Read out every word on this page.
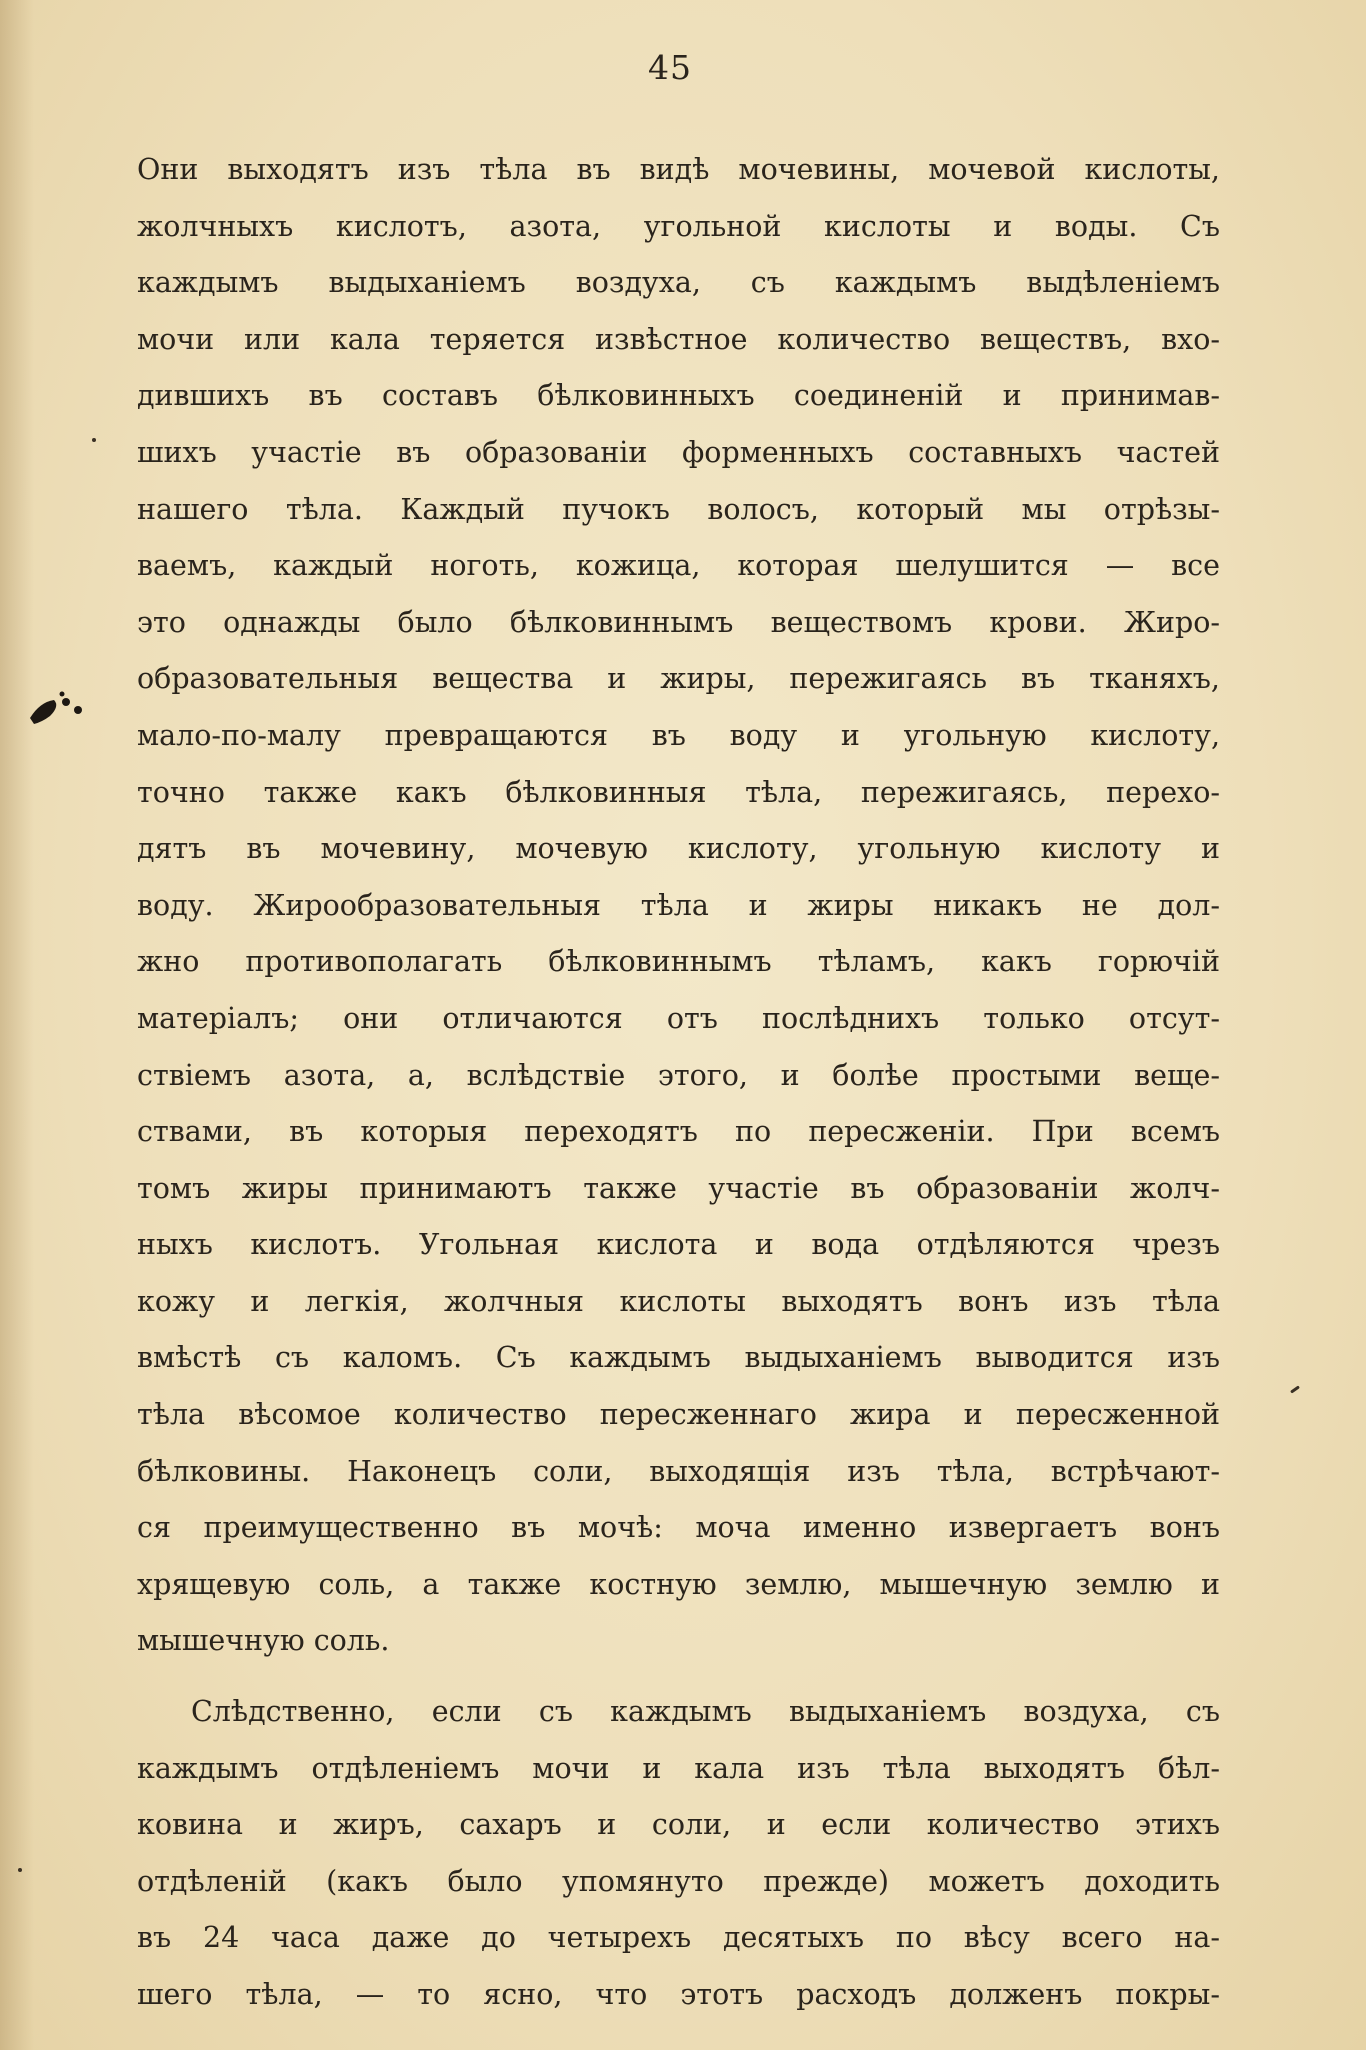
45
Они выходятъ изъ тѣла въ видѣ мочевины, мочевой кислоты,
жолчныхъ кислотъ, азота, угольной кислоты и воды. Съ
каждымъ выдыханіемъ воздуха, съ каждымъ выдѣленіемъ
мочи или кала теряется извѣстное количество веществъ, вхо-
дившихъ въ составъ бѣлковинныхъ соединеній и принимав-
шихъ участіе въ образованіи форменныхъ составныхъ частей
нашего тѣла. Каждый пучокъ волосъ, который мы отрѣзы-
ваемъ, каждый ноготь, кожица, которая шелушится — все
это однажды было бѣлковиннымъ веществомъ крови. Жиро-
образовательныя вещества и жиры, пережигаясь въ тканяхъ,
мало-по-малу превращаются въ воду и угольную кислоту,
точно также какъ бѣлковинныя тѣла, пережигаясь, перехо-
дятъ въ мочевину, мочевую кислоту, угольную кислоту и
воду. Жирообразовательныя тѣла и жиры никакъ не дол-
жно противополагать бѣлковиннымъ тѣламъ, какъ горючій
матеріалъ; они отличаются отъ послѣднихъ только отсут-
ствіемъ азота, а, вслѣдствіе этого, и болѣе простыми веще-
ствами, въ которыя переходятъ по пересженіи. При всемъ
томъ жиры принимаютъ также участіе въ образованіи жолч-
ныхъ кислотъ. Угольная кислота и вода отдѣляются чрезъ
кожу и легкія, жолчныя кислоты выходятъ вонъ изъ тѣла
вмѣстѣ съ каломъ. Съ каждымъ выдыханіемъ выводится изъ
тѣла вѣсомое количество пересженнаго жира и пересженной
бѣлковины. Наконецъ соли, выходящія изъ тѣла, встрѣчают-
ся преимущественно въ мочѣ: моча именно извергаетъ вонъ
хрящевую соль, а также костную землю, мышечную землю и
мышечную соль.
Слѣдственно, если съ каждымъ выдыханіемъ воздуха, съ
каждымъ отдѣленіемъ мочи и кала изъ тѣла выходятъ бѣл-
ковина и жиръ, сахаръ и соли, и если количество этихъ
отдѣленій (какъ было упомянуто прежде) можетъ доходить
въ 24 часа даже до четырехъ десятыхъ по вѣсу всего на-
шего тѣла, — то ясно, что этотъ расходъ долженъ покры-
